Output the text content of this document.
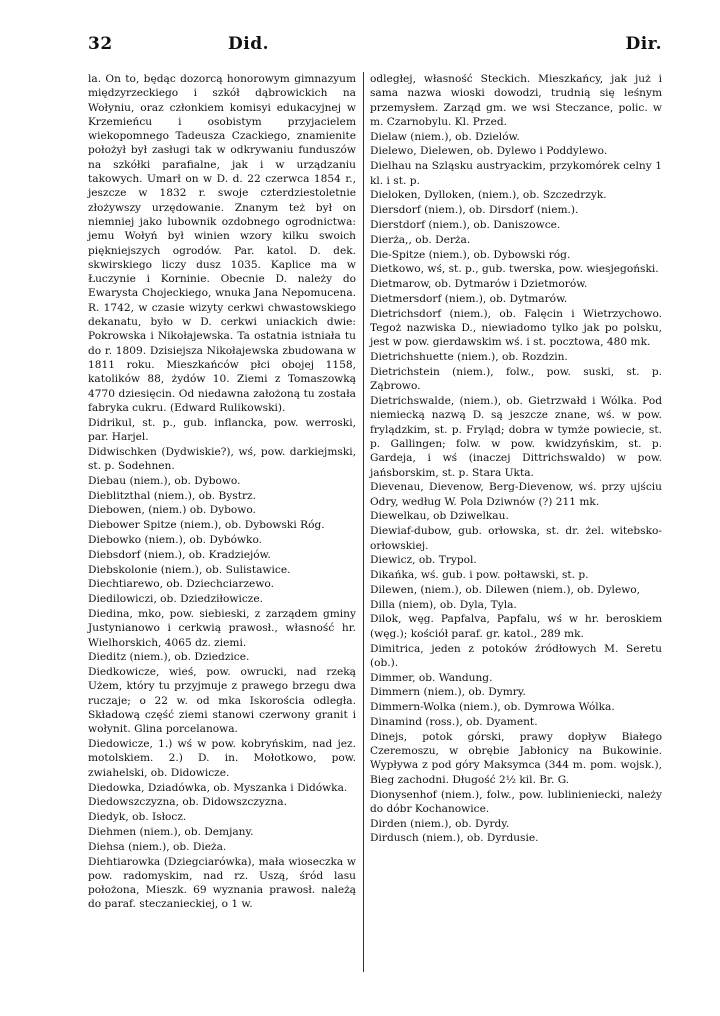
32	Did.	Dir.

la. On to, będąc dozorcą honorowym gimnazyum międzyrzeckiego i szkół dąbrowickich na Wołyniu, oraz członkiem komisyi edukacyjnej w Krzemieńcu i osobistym przyjacielem wiekopomnego Tadeusza Czackiego, znamienite położył był zasługi tak w odkrywaniu funduszów na szkółki parafialne, jak i w urządzaniu takowych. Umarł on w D. d. 22 czerwca 1854 r., jeszcze w 1832 r. swoje czterdziestoletnie złożywszy urzędowanie. Znanym też był on niemniej jako lubownik ozdobnego ogrodnictwa: jemu Wołyń był winien wzory kilku swoich piękniejszych ogrodów. Par. katol. D. dek. skwirskiego liczy dusz 1035. Kaplice ma w Łuczynie i Korninie. Obecnie D. należy do Ewarysta Chojeckiego, wnuka Jana Nepomucena. R. 1742, w czasie wizyty cerkwi chwastowskiego dekanatu, było w D. cerkwi uniackich dwie: Pokrowska i Nikołajewska. Ta ostatnia istniała tu do r. 1809. Dzisiejsza Nikołajewska zbudowana w 1811 roku. Mieszkańców płci obojej 1158, katolików 88, żydów 10. Ziemi z Tomaszowką 4770 dziesięcin. Od niedawna założoną tu została fabryka cukru. (Edward Rulikowski).

Didrikul, st. p., gub. inflancka, pow. werroski, par. Harjel.

Didwischken (Dydwiskie?), wś, pow. darkiejmski, st. p. Sodehnen.

Diebau (niem.), ob. Dybowo.

Dieblitzthal (niem.), ob. Bystrz.

Diebowen, (niem.) ob. Dybowo.

Diebower Spitze (niem.), ob. Dybowski Róg.

Diebowko (niem.), ob. Dybówko.

Diebsdorf (niem.), ob. Kradziejów.

Diebskolonie (niem.), ob. Sulistawice.

Diechtiarewo, ob. Dziechciarzewo.

Diedilowiczi, ob. Dziedziłowicze.

Diedina, mko, pow. siebieski, z zarządem gminy Justynianowo i cerkwią prawosł., własność hr. Wielhorskich, 4065 dz. ziemi.

Dieditz (niem.), ob. Dziedzice.

Diedkowicze, wieś, pow. owrucki, nad rzeką Użem, który tu przyjmuje z prawego brzegu dwa ruczaje; o 22 w. od mka Iskorościa odległa. Składową część ziemi stanowi czerwony granit i wołynit. Glina porcelanowa.

Diedowicze, 1.) wś w pow. kobryńskim, nad jez. motolskiem. 2.) D. in. Mołotkowo, pow. zwiahelski, ob. Didowicze.

Diedowka, Dziadówka, ob. Myszanka i Didówka.

Diedowszczyzna, ob. Didowszczyzna.

Diedyk, ob. Isłocz.

Diehmen (niem.), ob. Demjany.

Diehsa (niem.), ob. Dieża.

Diehtiarowka (Dziegciarówka), mała wioseczka w pow. radomyskim, nad rz. Uszą, śród lasu położona, Mieszk. 69 wyznania prawosł. należą do paraf. steczanieckiej, o 1 w.

odległej, własność Steckich. Mieszkańcy, jak już i sama nazwa wioski dowodzi, trudnią się leśnym przemysłem. Zarząd gm. we wsi Steczance, polic. w m. Czarnobylu. Kl. Przed.

Dielaw (niem.), ob. Dzielów.

Dielewo, Dielewen, ob. Dylewo i Poddylewo.

Dielhau na Szląsku austryackim, przykomórek celny 1 kl. i st. p.

Dieloken, Dylloken, (niem.), ob. Szczedrzyk.

Diersdorf (niem.), ob. Dirsdorf (niem.).

Dierstdorf (niem.), ob. Daniszowce.

Dierża,, ob. Derża.

Die-Spitze (niem.), ob. Dybowski róg.

Dietkowo, wś, st. p., gub. twerska, pow. wiesjegoński.

Dietmarow, ob. Dytmarów i Dzietmorów.

Dietmersdorf (niem.), ob. Dytmarów.

Dietrichsdorf (niem.), ob. Falęcin i Wietrzychowo. Tegoż nazwiska D., niewiadomo tylko jak po polsku, jest w pow. gierdawskim wś. i st. pocztowa, 480 mk.

Dietrichshuette (niem.), ob. Rozdzin.

Dietrichstein (niem.), folw., pow. suski, st. p. Ząbrowo.

Dietrichswalde, (niem.), ob. Gietrzwałd i Wólka. Pod niemiecką nazwą D. są jeszcze znane, wś. w pow. frylądzkim, st. p. Fryląd; dobra w tymże powiecie, st. p. Gallingen; folw. w pow. kwidzyńskim, st. p. Gardeja, i wś (inaczej Dittrichswaldo) w pow. jańsborskim, st. p. Stara Ukta.

Dievenau, Dievenow, Berg-Dievenow, wś. przy ujściu Odry, według W. Pola Dziwnów (?) 211 mk.

Diewelkau, ob Dziwelkau.

Diewiaf-dubow, gub. orłowska, st. dr. żel. witebsko-orłowskiej.

Diewicz, ob. Trypol.

Dikańka, wś. gub. i pow. połtawski, st. p.

Dilewen, (niem.), ob. Dilewen (niem.), ob. Dylewo,

Dilla (niem), ob. Dyla, Tyla.

Dilok, węg. Papfalva, Papfalu, wś w hr. beroskiem (węg.); kościół paraf. gr. katol., 289 mk.

Dimitrica, jeden z potoków źródłowych M. Seretu (ob.).

Dimmer, ob. Wandung.

Dimmern (niem.), ob. Dymry.

Dimmern-Wolka (niem.), ob. Dymrowa Wólka.

Dinamind (ross.), ob. Dyament.

Dinejs, potok górski, prawy dopływ Białego Czeremoszu, w obrębie Jabłonicy na Bukowinie. Wypływa z pod góry Maksymca (344 m. pom. wojsk.), Bieg zachodni. Długość 2½ kil. Br. G.

Dionysenhof (niem.), folw., pow. lublinieniecki, należy do dóbr Kochanowice.

Dirden (niem.), ob. Dyrdy.

Dirdusch (niem.), ob. Dyrdusie.
